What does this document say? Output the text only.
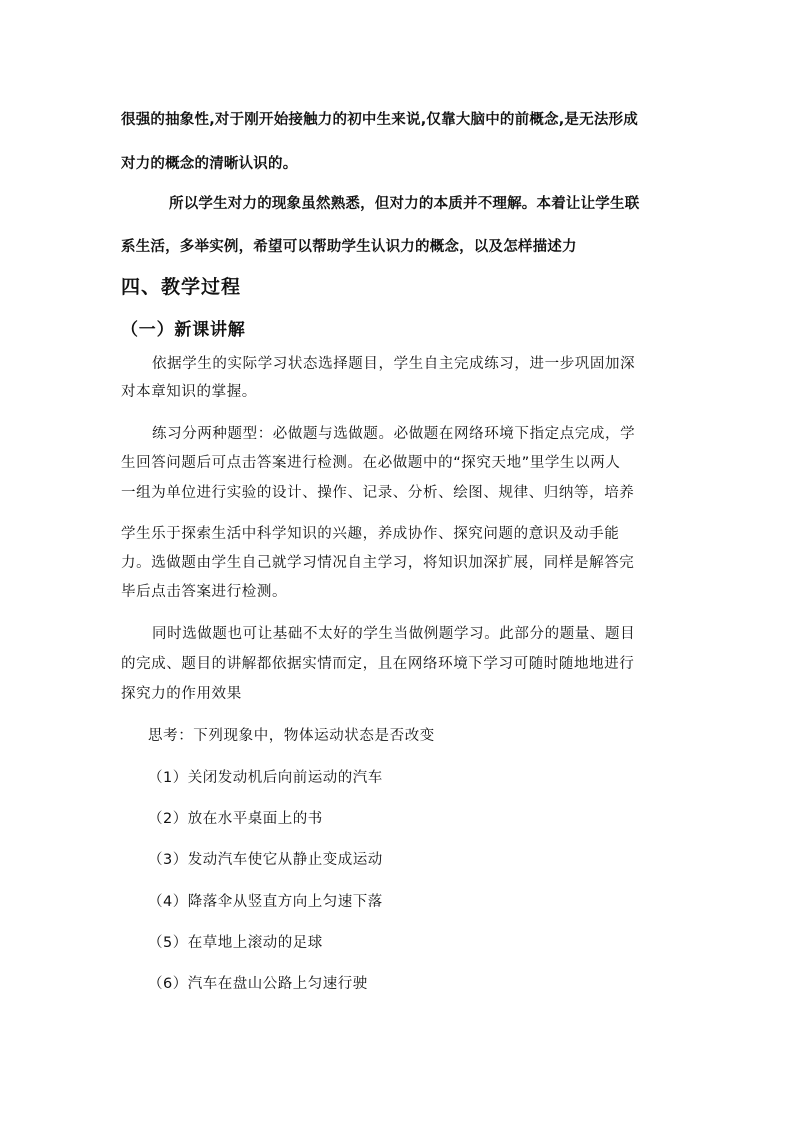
很强的抽象性,对于刚开始接触力的初中生来说,仅靠大脑中的前概念,是无法形成
对力的概念的清晰认识的。
所以学生对力的现象虽然熟悉，但对力的本质并不理解。本着让让学生联
系生活，多举实例，希望可以帮助学生认识力的概念，以及怎样描述力
四、教学过程
（一）新课讲解
依据学生的实际学习状态选择题目，学生自主完成练习，进一步巩固加深
对本章知识的掌握。
练习分两种题型：必做题与选做题。必做题在网络环境下指定点完成，学
生回答问题后可点击答案进行检测。在必做题中的“探究天地”里学生以两人
一组为单位进行实验的设计、操作、记录、分析、绘图、规律、归纳等，培养
学生乐于探索生活中科学知识的兴趣，养成协作、探究问题的意识及动手能
力。选做题由学生自己就学习情况自主学习，将知识加深扩展，同样是解答完
毕后点击答案进行检测。
同时选做题也可让基础不太好的学生当做例题学习。此部分的题量、题目
的完成、题目的讲解都依据实情而定，且在网络环境下学习可随时随地地进行
探究力的作用效果
思考：下列现象中，物体运动状态是否改变
（1）关闭发动机后向前运动的汽车
（2）放在水平桌面上的书
（3）发动汽车使它从静止变成运动
（4）降落伞从竖直方向上匀速下落
（5）在草地上滚动的足球
（6）汽车在盘山公路上匀速行驶
